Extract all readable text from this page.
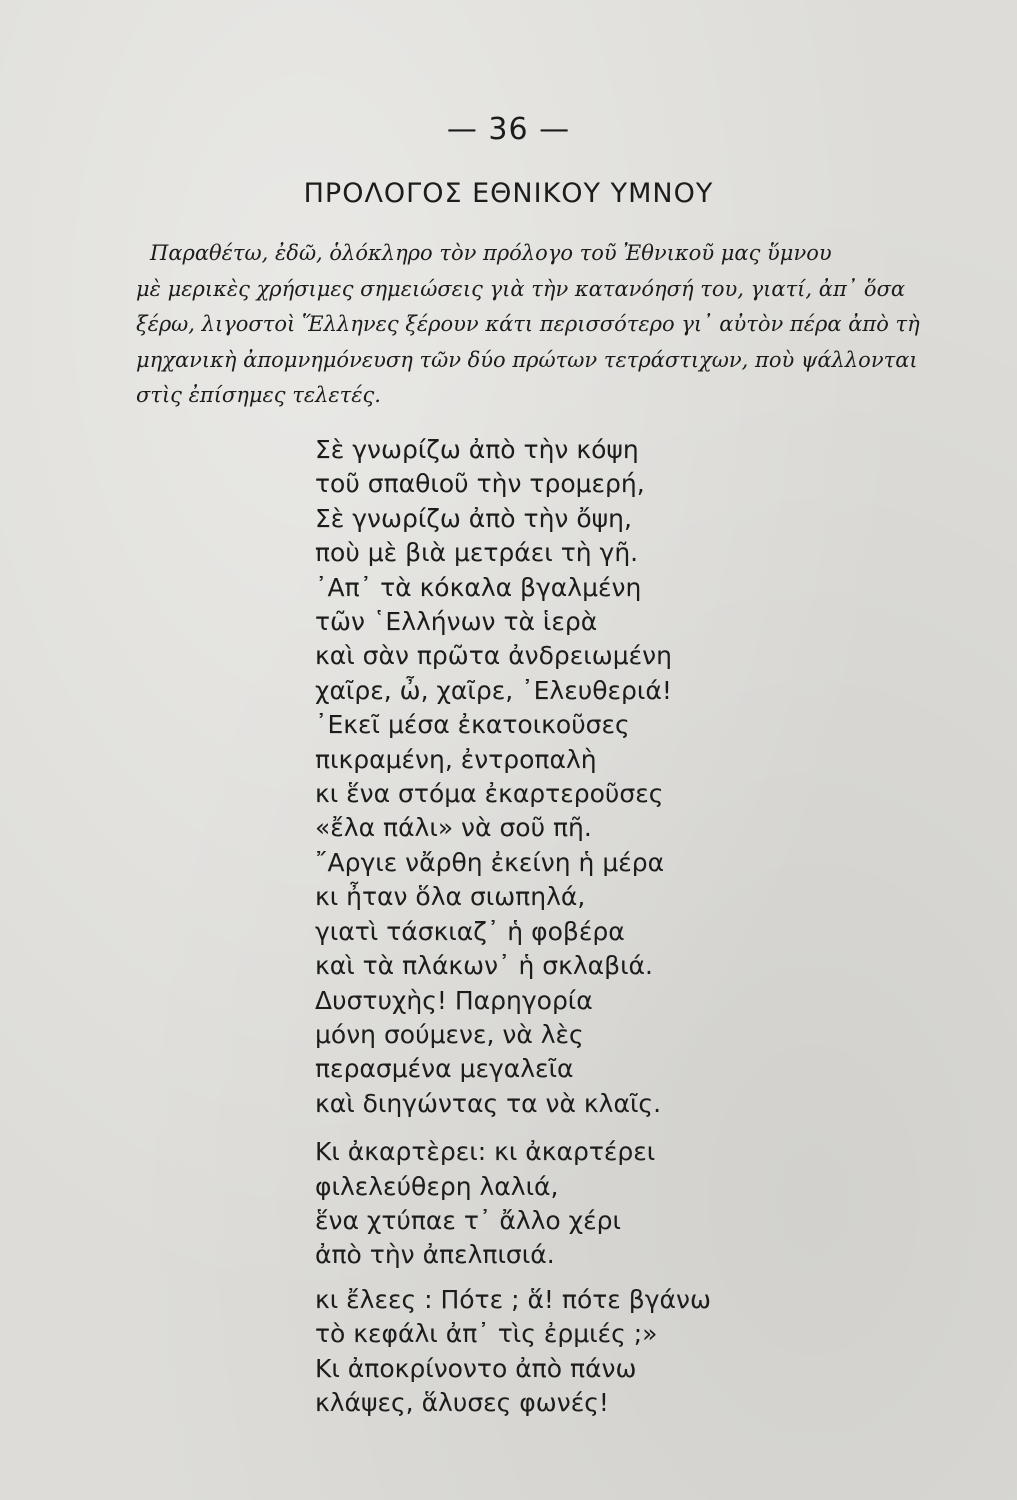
— 36 —
ΠΡΟΛΟΓΟΣ ΕΘΝΙΚΟΥ ΥΜΝΟΥ
Παραθέτω, ἐδῶ, ὁλόκληρο τὸν πρόλογο τοῦ Ἐθνικοῦ μας ὕμνου
μὲ μερικὲς χρήσιμες σημειώσεις γιὰ τὴν κατανόησή του, γιατί, ἀπ᾽ ὅσα
ξέρω, λιγοστοὶ Ἕλληνες ξέρουν κάτι περισσότερο γι᾽ αὐτὸν πέρα ἀπὸ τὴ
μηχανικὴ ἀπομνημόνευση τῶν δύο πρώτων τετράστιχων, ποὺ ψάλλονται
στὶς ἐπίσημες τελετές.
Σὲ γνωρίζω ἀπὸ τὴν κόψη
τοῦ σπαθιοῦ τὴν τρομερή,
Σὲ γνωρίζω ἀπὸ τὴν ὄψη,
ποὺ μὲ βιὰ μετράει τὴ γῆ.
᾿Απ᾿ τὰ κόκαλα βγαλμένη
τῶν ῾Ελλήνων τὰ ἱερὰ
καὶ σὰν πρῶτα ἀνδρειωμένη
χαῖρε, ὦ, χαῖρε, ᾿Ελευθεριά!
᾿Εκεῖ μέσα ἐκατοικοῦσες
πικραμένη, ἐντροπαλὴ
κι ἕνα στόμα ἐκαρτεροῦσες
«ἔλα πάλι» νὰ σοῦ πῆ.
῎Αργιε νἄρθη ἐκείνη ἡ μέρα
κι ἦταν ὅλα σιωπηλά,
γιατὶ τάσκιαζ᾿ ἡ φοβέρα
καὶ τὰ πλάκων᾿ ἡ σκλαβιά.
Δυστυχὴς! Παρηγορία
μόνη σούμενε, νὰ λὲς
περασμένα μεγαλεῖα
καὶ διηγώντας τα νὰ κλαῖς.
Κι ἀκαρτὲρει: κι ἀκαρτέρει
φιλελεύθερη λαλιά,
ἕνα χτύπαε τ᾿ ἄλλο χέρι
ἀπὸ τὴν ἀπελπισιά.
κι ἔλεες : Πότε ; ἅ! πότε βγάνω
τὸ κεφάλι ἀπ᾿ τὶς ἐρμιές ;»
Κι ἀποκρίνοντο ἀπὸ πάνω
κλάψες, ἅλυσες φωνές!
